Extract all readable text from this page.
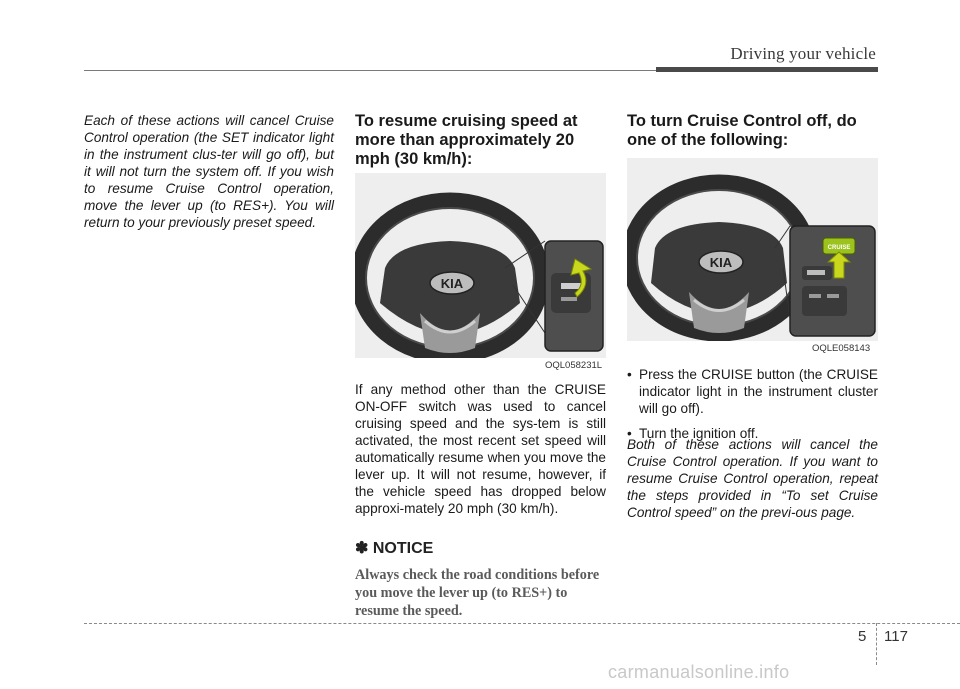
Driving your vehicle

Each of these actions will cancel Cruise Control operation (the SET indicator light in the instrument clus-ter will go off), but it will not turn the system off. If you wish to resume Cruise Control operation, move the lever up (to RES+). You will return to your previously preset speed.

To resume cruising speed at more than approximately 20 mph (30 km/h):
KIA
OQL058231L

If any method other than the CRUISE ON-OFF switch was used to cancel cruising speed and the sys-tem is still activated, the most recent set speed will automatically resume when you move the lever up. It will not resume, however, if the vehicle speed has dropped below approxi-mately 20 mph (30 km/h).

✽ NOTICE

Always check the road conditions before you move the lever up (to RES+) to resume the speed.

To turn Cruise Control off, do one of the following:
KIA
CRUISE
OQLE058143
• Press the CRUISE button (the CRUISE indicator light in the instrument cluster will go off).
• Turn the ignition off.

Both of these actions will cancel the Cruise Control operation. If you want to resume Cruise Control operation, repeat the steps provided in “To set Cruise Control speed” on the previ-ous page.

5 117
carmanualsonline.info
